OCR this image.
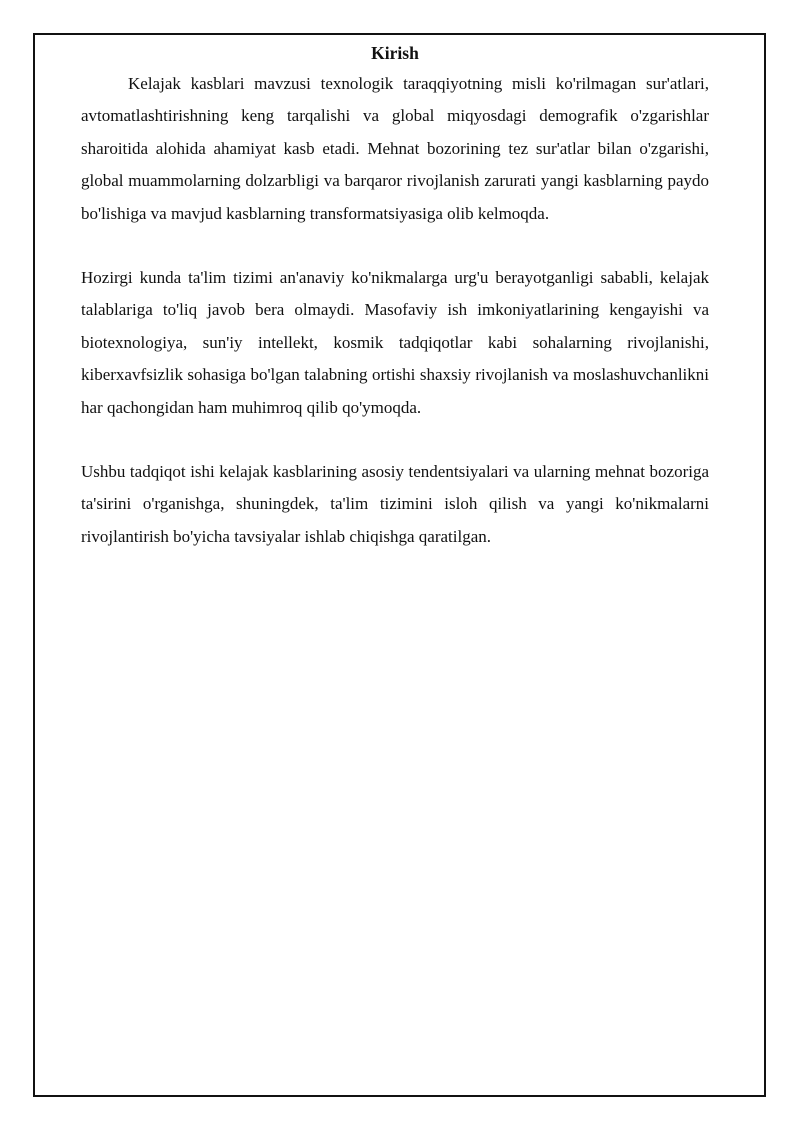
Kirish

Kelajak kasblari mavzusi texnologik taraqqiyotning misli ko'rilmagan sur'atlari, avtomatlashtirishning keng tarqalishi va global miqyosdagi demografik o'zgarishlar sharoitida alohida ahamiyat kasb etadi. Mehnat bozorining tez sur'atlar bilan o'zgarishi, global muammolarning dolzarbligi va barqaror rivojlanish zarurati yangi kasblarning paydo bo'lishiga va mavjud kasblarning transformatsiyasiga olib kelmoqda.

Hozirgi kunda ta'lim tizimi an'anaviy ko'nikmalarga urg'u berayotganligi sababli, kelajak talablariga to'liq javob bera olmaydi. Masofaviy ish imkoniyatlarining kengayishi va biotexnologiya, sun'iy intellekt, kosmik tadqiqotlar kabi sohalarning rivojlanishi, kiberxavfsizlik sohasiga bo'lgan talabning ortishi shaxsiy rivojlanish va moslashuvchanlikni har qachongidan ham muhimroq qilib qo'ymoqda.

Ushbu tadqiqot ishi kelajak kasblarining asosiy tendentsiyalari va ularning mehnat bozoriga ta'sirini o'rganishga, shuningdek, ta'lim tizimini isloh qilish va yangi ko'nikmalarni rivojlantirish bo'yicha tavsiyalar ishlab chiqishga qaratilgan.
